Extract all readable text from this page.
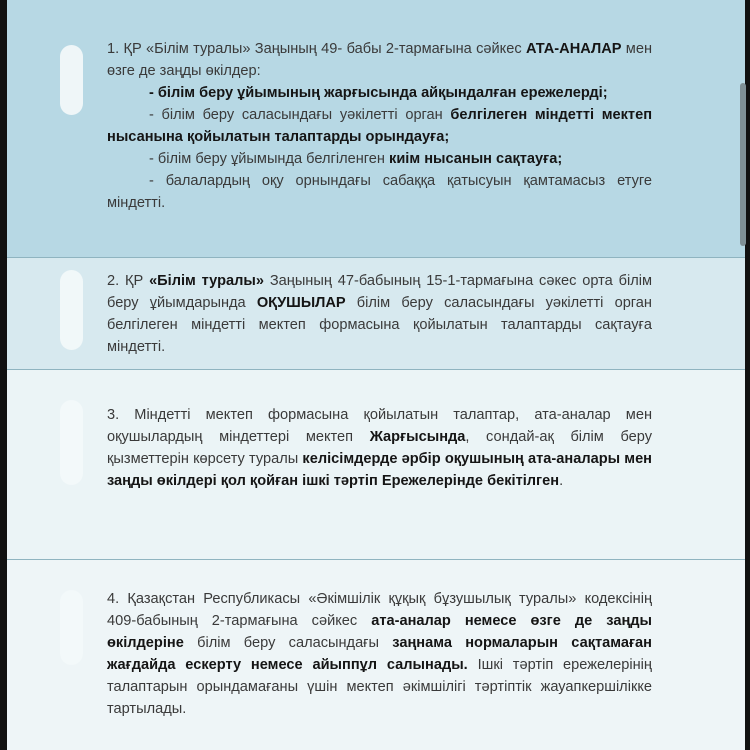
1. ҚР «Білім туралы» Заңының 49- бабы 2-тармағына сәйкес АТА-АНАЛАР мен өзге де заңды өкілдер:
- білім беру ұйымының жарғысында айқындалған ережелерді;
- білім беру саласындағы уәкілетті орган белгілеген міндетті мектеп нысанына қойылатын талаптарды орындауға;
- білім беру ұйымында белгіленген киім нысанын сақтауға;
- балалардың оқу орнындағы сабаққа қатысуын қамтамасыз етуге міндетті.
2. ҚР «Білім туралы» Заңының 47-бабының 15-1-тармағына сәкес орта білім беру ұйымдарында ОҚУШЫЛАР білім беру саласындағы уәкілетті орган белгілеген міндетті мектеп формасына қойылатын талаптарды сақтауға міндетті.
3. Міндетті мектеп формасына қойылатын талаптар, ата-аналар мен оқушылардың міндеттері мектеп Жарғысында, сондай-ақ білім беру қызметтерін көрсету туралы келісімдерде әрбір оқушының ата-аналары мен заңды өкілдері қол қойған ішкі тәртіп Ережелерінде бекітілген.
4. Қазақстан Республикасы «Әкімшілік құқық бұзушылық туралы» кодексінің 409-бабының 2-тармағына сәйкес ата-аналар немесе өзге де заңды өкілдеріне білім беру саласындағы заңнама нормаларын сақтамаған жағдайда ескерту немесе айыппұл салынады. Ішкі тәртіп ережелерінің талаптарын орындамағаны үшін мектеп әкімшілігі тәртіптік жауапкершілікке тартылады.
